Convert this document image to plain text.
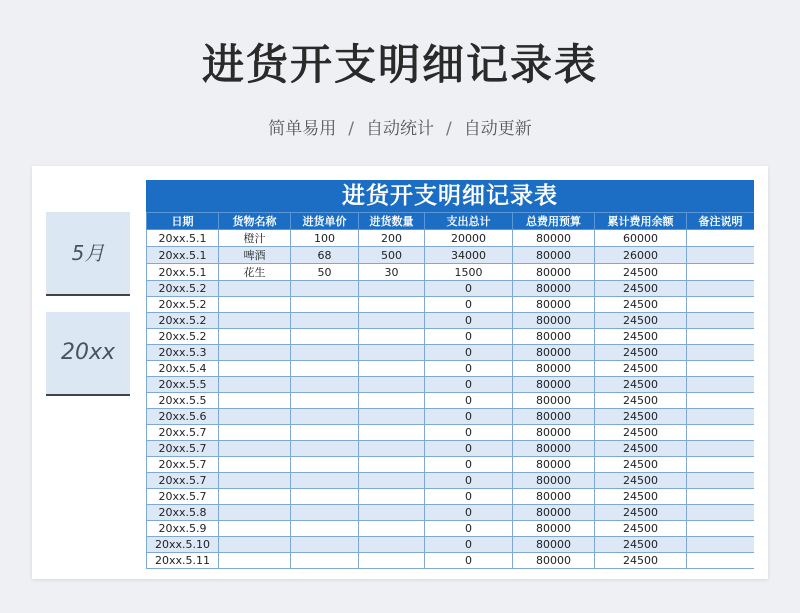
进货开支明细记录表
简单易用 / 自动统计 / 自动更新
5月
20xx
进货开支明细记录表
日期	货物名称	进货单价	进货数量	支出总计	总费用预算	累计费用余额	备注说明
20xx.5.1	橙汁	100	200	20000	80000	60000	
20xx.5.1	啤酒	68	500	34000	80000	26000	
20xx.5.1	花生	50	30	1500	80000	24500	
20xx.5.2				0	80000	24500	
20xx.5.2				0	80000	24500	
20xx.5.2				0	80000	24500	
20xx.5.2				0	80000	24500	
20xx.5.3				0	80000	24500	
20xx.5.4				0	80000	24500	
20xx.5.5				0	80000	24500	
20xx.5.5				0	80000	24500	
20xx.5.6				0	80000	24500	
20xx.5.7				0	80000	24500	
20xx.5.7				0	80000	24500	
20xx.5.7				0	80000	24500	
20xx.5.7				0	80000	24500	
20xx.5.7				0	80000	24500	
20xx.5.8				0	80000	24500	
20xx.5.9				0	80000	24500	
20xx.5.10				0	80000	24500	
20xx.5.11				0	80000	24500	
